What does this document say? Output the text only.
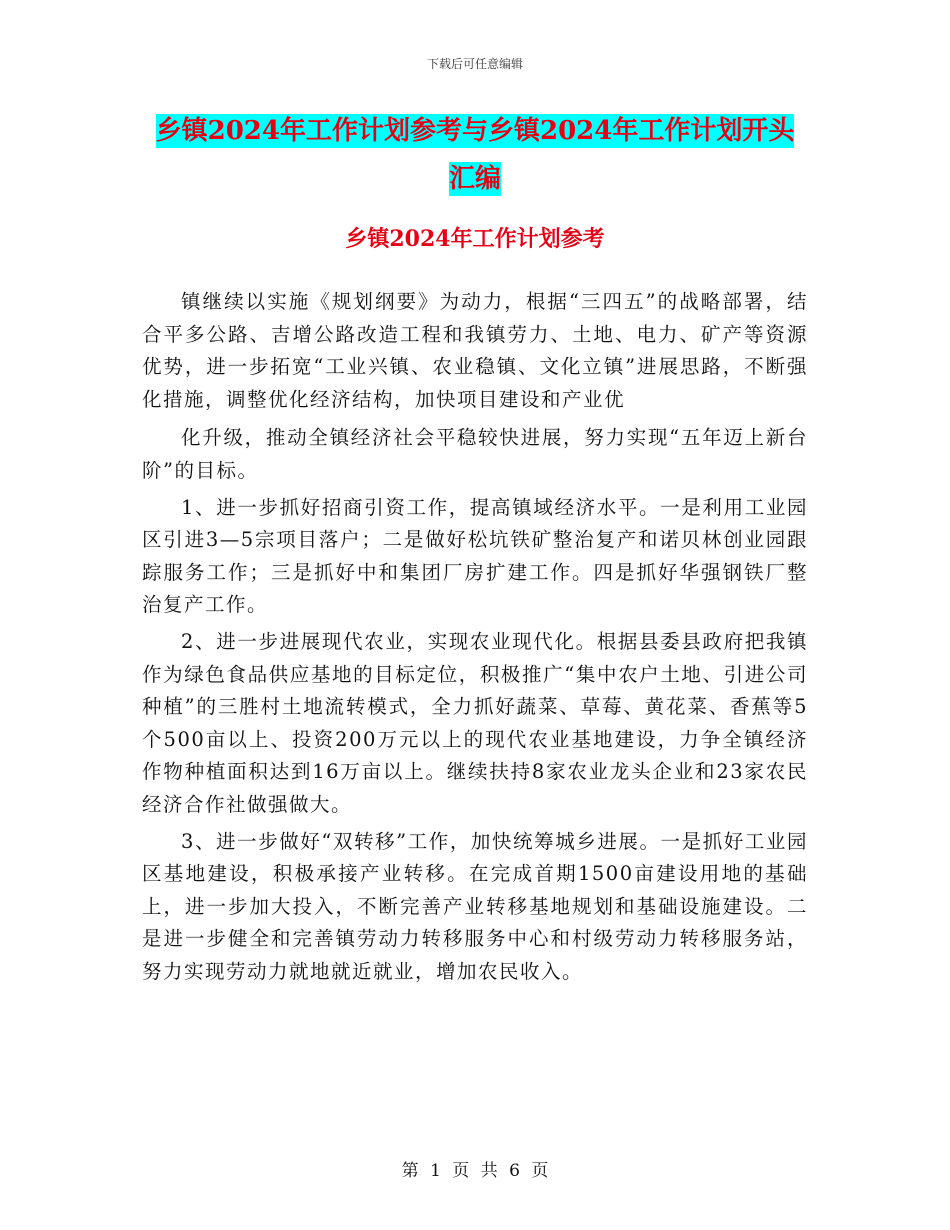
下载后可任意编辑
乡镇2024年工作计划参考与乡镇2024年工作计划开头汇编
乡镇2024年工作计划参考

镇继续以实施《规划纲要》为动力，根据“三四五”的战略部署，结合平多公路、吉增公路改造工程和我镇劳力、土地、电力、矿产等资源优势，进一步拓宽“工业兴镇、农业稳镇、文化立镇”进展思路，不断强化措施，调整优化经济结构，加快项目建设和产业优

化升级，推动全镇经济社会平稳较快进展，努力实现“五年迈上新台阶”的目标。

1、进一步抓好招商引资工作，提高镇域经济水平。一是利用工业园区引进3—5宗项目落户；二是做好松坑铁矿整治复产和诺贝林创业园跟踪服务工作；三是抓好中和集团厂房扩建工作。四是抓好华强钢铁厂整治复产工作。

2、进一步进展现代农业，实现农业现代化。根据县委县政府把我镇作为绿色食品供应基地的目标定位，积极推广“集中农户土地、引进公司种植”的三胜村土地流转模式，全力抓好蔬菜、草莓、黄花菜、香蕉等5个500亩以上、投资200万元以上的现代农业基地建设，力争全镇经济作物种植面积达到16万亩以上。继续扶持8家农业龙头企业和23家农民经济合作社做强做大。

3、进一步做好“双转移”工作，加快统筹城乡进展。一是抓好工业园区基地建设，积极承接产业转移。在完成首期1500亩建设用地的基础上，进一步加大投入，不断完善产业转移基地规划和基础设施建设。二是进一步健全和完善镇劳动力转移服务中心和村级劳动力转移服务站，努力实现劳动力就地就近就业，增加农民收入。

第 1 页 共 6 页
